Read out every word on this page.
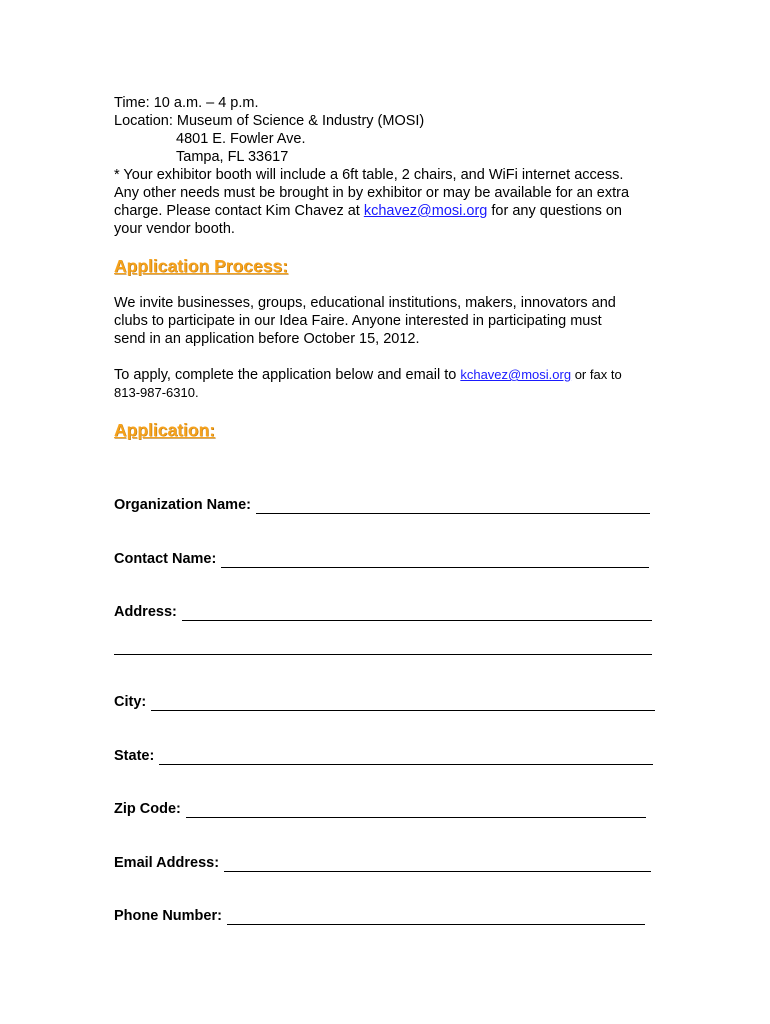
Time: 10 a.m. – 4 p.m.
Location: Museum of Science & Industry (MOSI)
4801 E. Fowler Ave.
Tampa, FL 33617
* Your exhibitor booth will include a 6ft table, 2 chairs, and WiFi internet access.
Any other needs must be brought in by exhibitor or may be available for an extra
charge. Please contact Kim Chavez at kchavez@mosi.org for any questions on
your vendor booth.
Application Process:
We invite businesses, groups, educational institutions, makers, innovators and
clubs to participate in our Idea Faire. Anyone interested in participating must
send in an application before October 15, 2012.
To apply, complete the application below and email to kchavez@mosi.org or fax to
813-987-6310.
Application:
Organization Name:
Contact Name:
Address:
City:
State:
Zip Code:
Email Address:
Phone Number:
